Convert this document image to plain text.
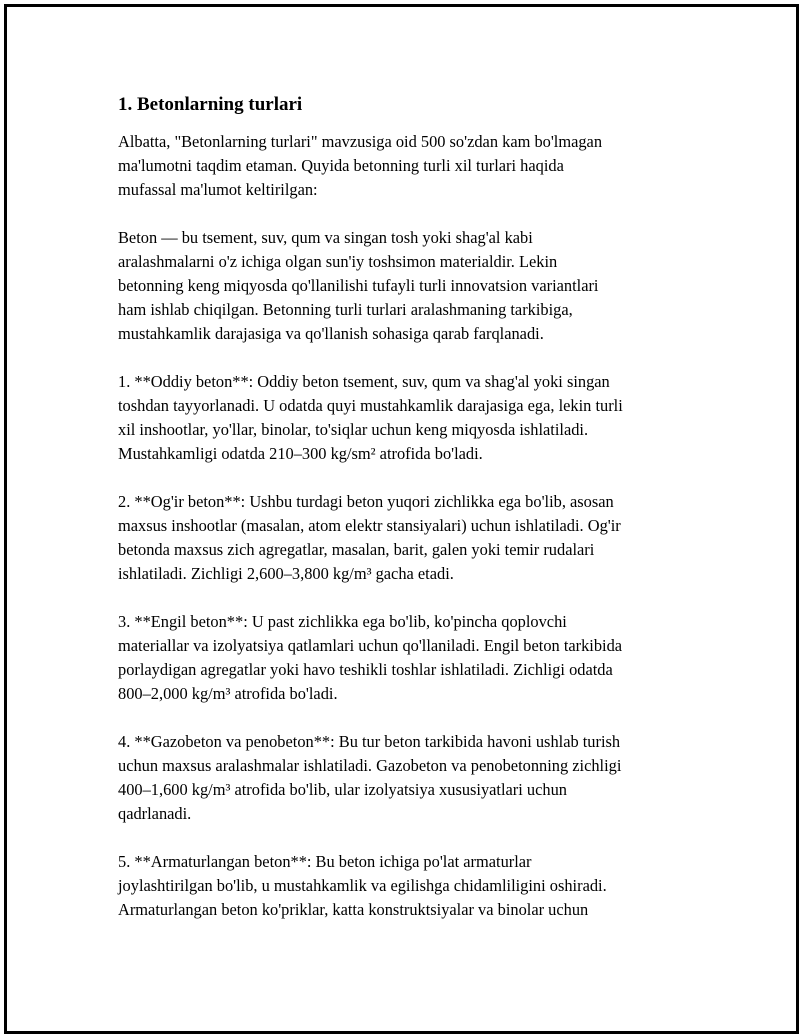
1. Betonlarning turlari

Albatta, "Betonlarning turlari" mavzusiga oid 500 so'zdan kam bo'lmagan
ma'lumotni taqdim etaman. Quyida betonning turli xil turlari haqida
mufassal ma'lumot keltirilgan:

Beton — bu tsement, suv, qum va singan tosh yoki shag'al kabi
aralashmalarni o'z ichiga olgan sun'iy toshsimon materialdir. Lekin
betonning keng miqyosda qo'llanilishi tufayli turli innovatsion variantlari
ham ishlab chiqilgan. Betonning turli turlari aralashmaning tarkibiga,
mustahkamlik darajasiga va qo'llanish sohasiga qarab farqlanadi.

1. **Oddiy beton**: Oddiy beton tsement, suv, qum va shag'al yoki singan
toshdan tayyorlanadi. U odatda quyi mustahkamlik darajasiga ega, lekin turli
xil inshootlar, yo'llar, binolar, to'siqlar uchun keng miqyosda ishlatiladi.
Mustahkamligi odatda 210–300 kg/sm² atrofida bo'ladi.

2. **Og'ir beton**: Ushbu turdagi beton yuqori zichlikka ega bo'lib, asosan
maxsus inshootlar (masalan, atom elektr stansiyalari) uchun ishlatiladi. Og'ir
betonda maxsus zich agregatlar, masalan, barit, galen yoki temir rudalari
ishlatiladi. Zichligi 2,600–3,800 kg/m³ gacha etadi.

3. **Engil beton**: U past zichlikka ega bo'lib, ko'pincha qoplovchi
materiallar va izolyatsiya qatlamlari uchun qo'llaniladi. Engil beton tarkibida
porlaydigan agregatlar yoki havo teshikli toshlar ishlatiladi. Zichligi odatda
800–2,000 kg/m³ atrofida bo'ladi.

4. **Gazobeton va penobeton**: Bu tur beton tarkibida havoni ushlab turish
uchun maxsus aralashmalar ishlatiladi. Gazobeton va penobetonning zichligi
400–1,600 kg/m³ atrofida bo'lib, ular izolyatsiya xususiyatlari uchun
qadrlanadi.

5. **Armaturlangan beton**: Bu beton ichiga po'lat armaturlar
joylashtirilgan bo'lib, u mustahkamlik va egilishga chidamliligini oshiradi.
Armaturlangan beton ko'priklar, katta konstruktsiyalar va binolar uchun
